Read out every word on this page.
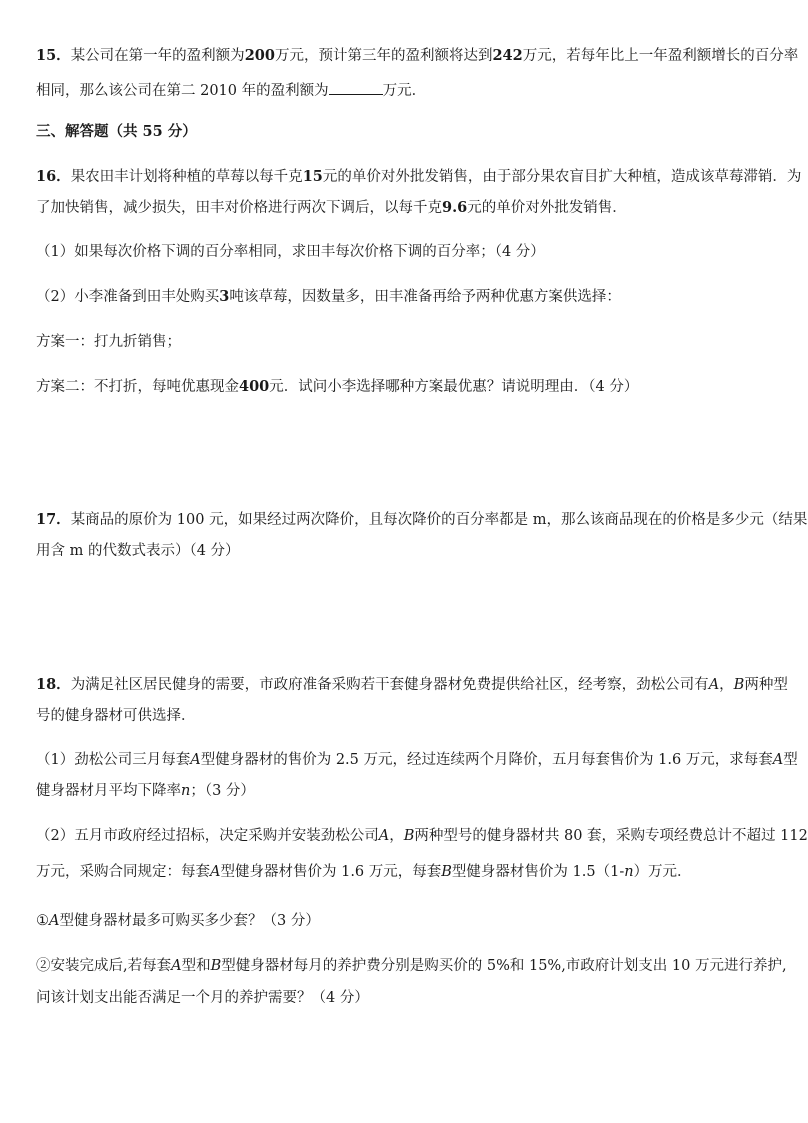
15．某公司在第一年的盈利额为200万元，预计第三年的盈利额将达到242万元，若每年比上一年盈利额增长的百分率
相同，那么该公司在第二 2010 年的盈利额为	万元．
三、解答题（共 55 分）
16．果农田丰计划将种植的草莓以每千克15元的单价对外批发销售，由于部分果农盲目扩大种植，造成该草莓滞销．为
了加快销售，减少损失，田丰对价格进行两次下调后，以每千克9.6元的单价对外批发销售．
（1）如果每次价格下调的百分率相同，求田丰每次价格下调的百分率；（4 分）
（2）小李准备到田丰处购买3吨该草莓，因数量多，田丰准备再给予两种优惠方案供选择：
方案一：打九折销售；
方案二：不打折，每吨优惠现金400元．试问小李选择哪种方案最优惠？请说明理由．（4 分）
17．某商品的原价为 100 元，如果经过两次降价，且每次降价的百分率都是 m，那么该商品现在的价格是多少元（结果
用含 m 的代数式表示）（4 分）
18．为满足社区居民健身的需要，市政府准备采购若干套健身器材免费提供给社区，经考察，劲松公司有A，B两种型
号的健身器材可供选择．
（1）劲松公司三月每套A型健身器材的售价为 2.5 万元，经过连续两个月降价，五月每套售价为 1.6 万元，求每套A型
健身器材月平均下降率n；（3 分）
（2）五月市政府经过招标，决定采购并安装劲松公司A，B两种型号的健身器材共 80 套，采购专项经费总计不超过 112
万元，采购合同规定：每套A型健身器材售价为 1.6 万元，每套B型健身器材售价为 1.5（1-n）万元．
①A型健身器材最多可购买多少套？（3 分）
②安装完成后,若每套A型和B型健身器材每月的养护费分别是购买价的 5%和 15%,市政府计划支出 10 万元进行养护,
问该计划支出能否满足一个月的养护需要？（4 分）
